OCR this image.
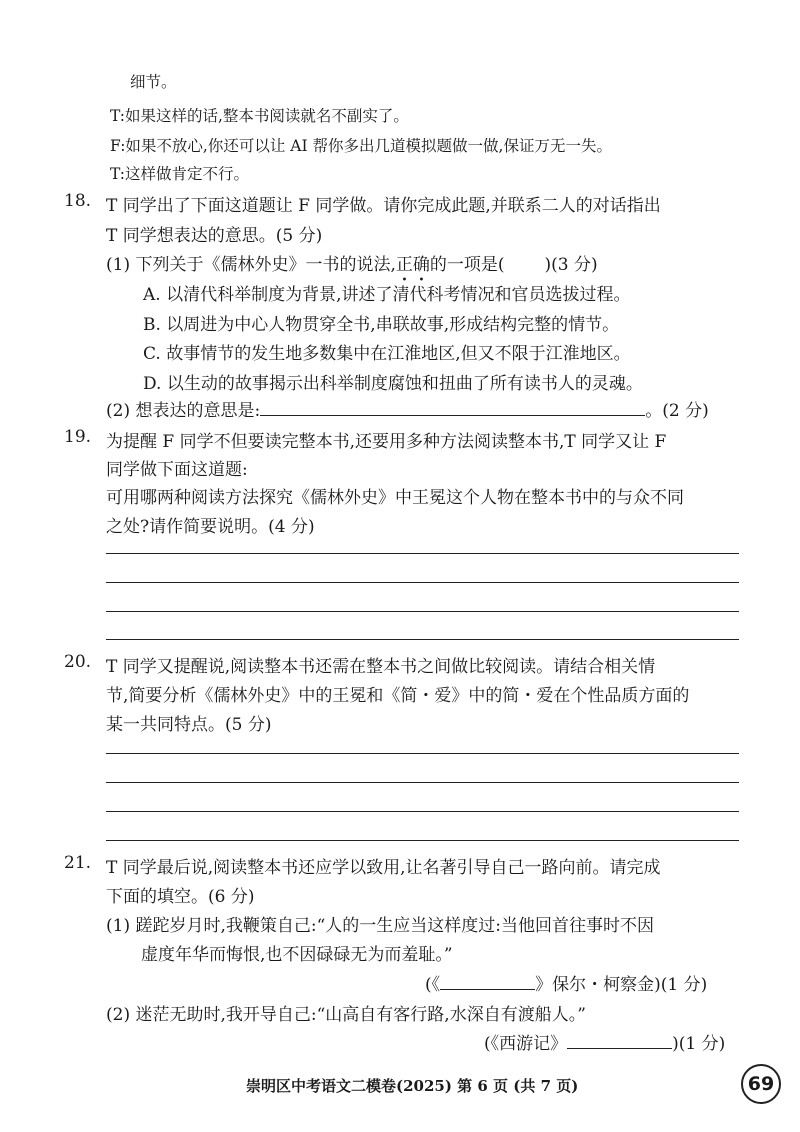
细节。
T:如果这样的话,整本书阅读就名不副实了。
F:如果不放心,你还可以让 AI 帮你多出几道模拟题做一做,保证万无一失。
T:这样做肯定不行。
18. T 同学出了下面这道题让 F 同学做。请你完成此题,并联系二人的对话指出
T 同学想表达的意思。(5 分)
(1) 下列关于《儒林外史》一书的说法,正确的一项是( )(3 分)
A. 以清代科举制度为背景,讲述了清代科考情况和官员选拔过程。
B. 以周进为中心人物贯穿全书,串联故事,形成结构完整的情节。
C. 故事情节的发生地多数集中在江淮地区,但又不限于江淮地区。
D. 以生动的故事揭示出科举制度腐蚀和扭曲了所有读书人的灵魂。
(2) 想表达的意思是:	。(2 分)
19. 为提醒 F 同学不但要读完整本书,还要用多种方法阅读整本书,T 同学又让 F
同学做下面这道题:
可用哪两种阅读方法探究《儒林外史》中王冕这个人物在整本书中的与众不同
之处?请作简要说明。(4 分)
20. T 同学又提醒说,阅读整本书还需在整本书之间做比较阅读。请结合相关情
节,简要分析《儒林外史》中的王冕和《简・爱》中的简・爱在个性品质方面的
某一共同特点。(5 分)
21. T 同学最后说,阅读整本书还应学以致用,让名著引导自己一路向前。请完成
下面的填空。(6 分)
(1) 蹉跎岁月时,我鞭策自己:“人的一生应当这样度过:当他回首往事时不因
虚度年华而悔恨,也不因碌碌无为而羞耻。”
(《	》保尔・柯察金)(1 分)
(2) 迷茫无助时,我开导自己:“山高自有客行路,水深自有渡船人。”
(《西游记》	)(1 分)
崇明区中考语文二模卷(2025) 第 6 页 (共 7 页)	69
